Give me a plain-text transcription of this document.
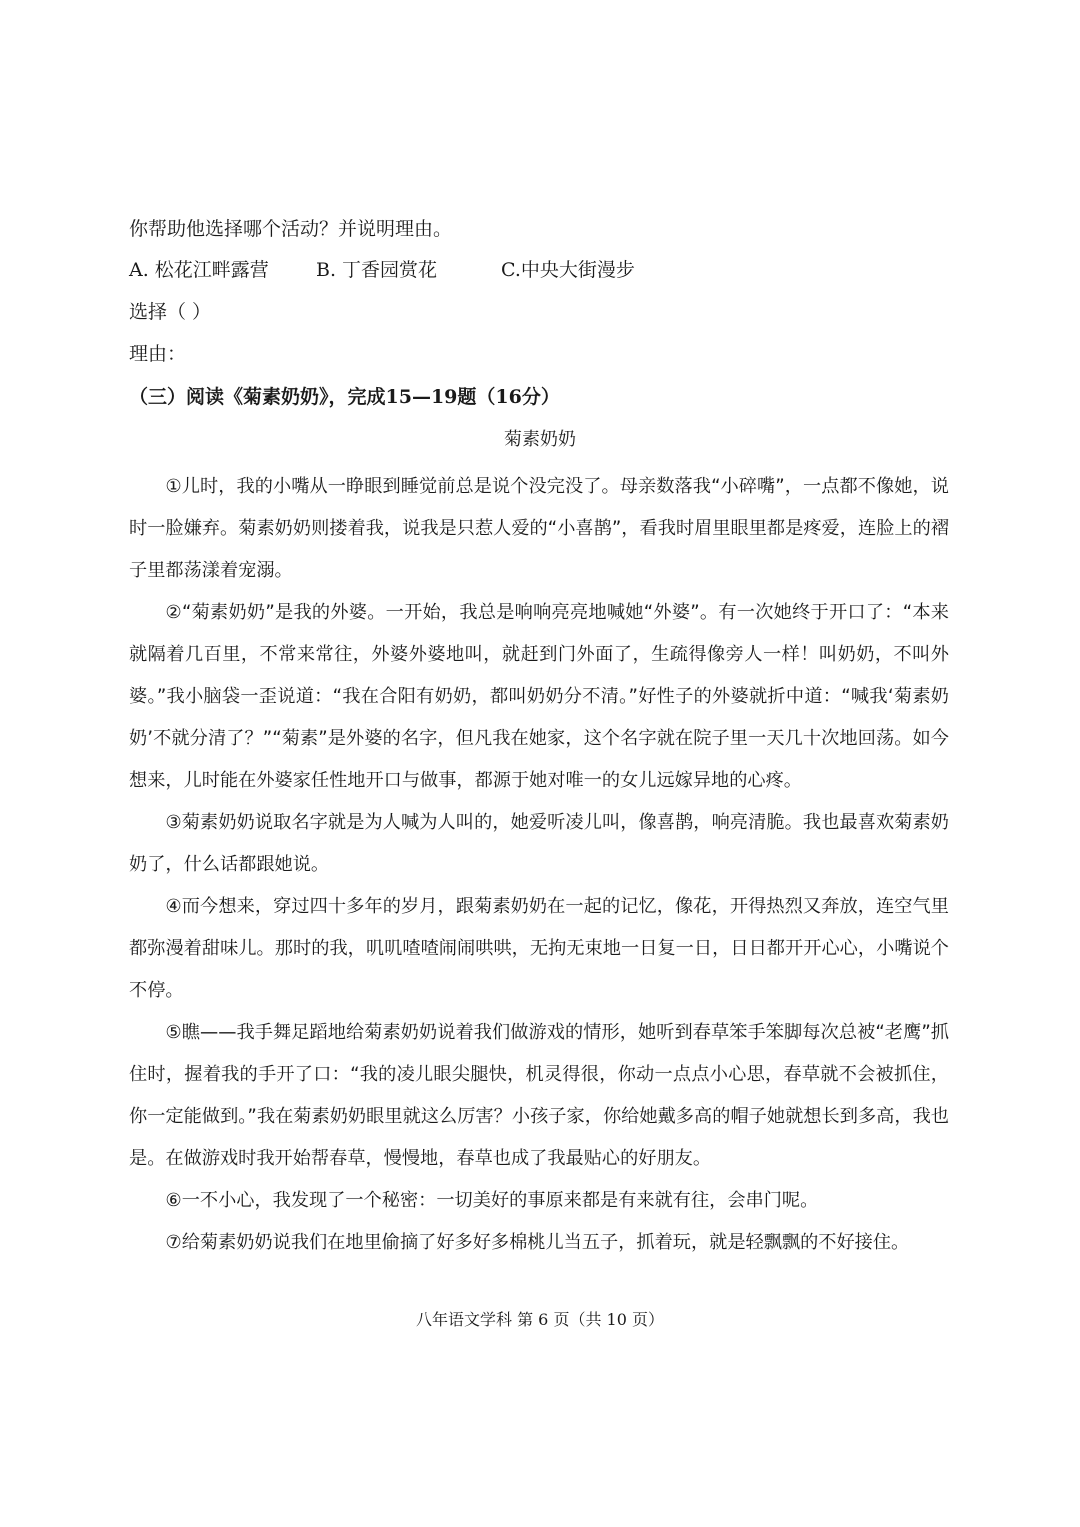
你帮助他选择哪个活动？并说明理由。
A. 松花江畔露营 B. 丁香园赏花	C.中央大街漫步
选择（ ）
理由：
（三）阅读《菊素奶奶》，完成15—19题（16分）
菊素奶奶

①儿时，我的小嘴从一睁眼到睡觉前总是说个没完没了。母亲数落我“小碎嘴”，一点都不像她，说时一脸嫌弃。菊素奶奶则搂着我，说我是只惹人爱的“小喜鹊”，看我时眉里眼里都是疼爱，连脸上的褶子里都荡漾着宠溺。

②“菊素奶奶”是我的外婆。一开始，我总是响响亮亮地喊她“外婆”。有一次她终于开口了：“本来就隔着几百里，不常来常往，外婆外婆地叫，就赶到门外面了，生疏得像旁人一样！叫奶奶，不叫外婆。”我小脑袋一歪说道：“我在合阳有奶奶，都叫奶奶分不清。”好性子的外婆就折中道：“喊我‘菊素奶奶’不就分清了？”“菊素”是外婆的名字，但凡我在她家，这个名字就在院子里一天几十次地回荡。如今想来，儿时能在外婆家任性地开口与做事，都源于她对唯一的女儿远嫁异地的心疼。

③菊素奶奶说取名字就是为人喊为人叫的，她爱听凌儿叫，像喜鹊，响亮清脆。我也最喜欢菊素奶奶了，什么话都跟她说。

④而今想来，穿过四十多年的岁月，跟菊素奶奶在一起的记忆，像花，开得热烈又奔放，连空气里都弥漫着甜味儿。那时的我，叽叽喳喳闹闹哄哄，无拘无束地一日复一日，日日都开开心心，小嘴说个不停。

⑤瞧——我手舞足蹈地给菊素奶奶说着我们做游戏的情形，她听到春草笨手笨脚每次总被“老鹰”抓住时，握着我的手开了口：“我的凌儿眼尖腿快，机灵得很，你动一点点小心思，春草就不会被抓住，你一定能做到。”我在菊素奶奶眼里就这么厉害？小孩子家，你给她戴多高的帽子她就想长到多高，我也是。在做游戏时我开始帮春草，慢慢地，春草也成了我最贴心的好朋友。

⑥一不小心，我发现了一个秘密：一切美好的事原来都是有来就有往，会串门呢。

⑦给菊素奶奶说我们在地里偷摘了好多好多棉桃儿当五子，抓着玩，就是轻飘飘的不好接住。

八年语文学科 第 6 页（共 10 页）
